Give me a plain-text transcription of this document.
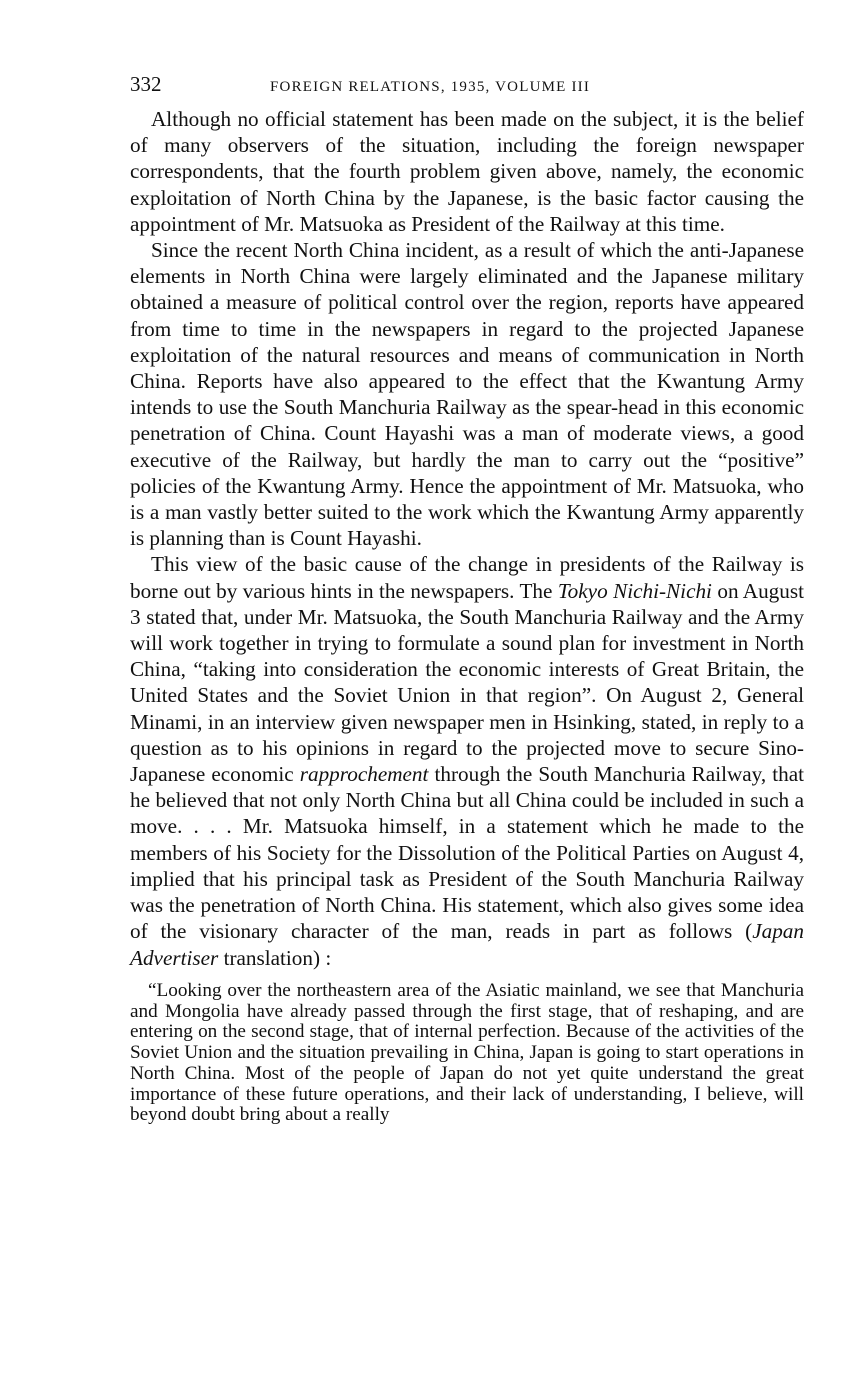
332	FOREIGN RELATIONS, 1935, VOLUME III

Although no official statement has been made on the subject, it is the belief of many observers of the situation, including the foreign newspaper correspondents, that the fourth problem given above, namely, the economic exploitation of North China by the Japanese, is the basic factor causing the appointment of Mr. Matsuoka as President of the Railway at this time.

Since the recent North China incident, as a result of which the anti-Japanese elements in North China were largely eliminated and the Japanese military obtained a measure of political control over the region, reports have appeared from time to time in the newspapers in regard to the projected Japanese exploitation of the natural resources and means of communication in North China. Reports have also appeared to the effect that the Kwantung Army intends to use the South Manchuria Railway as the spear-head in this economic penetration of China. Count Hayashi was a man of moderate views, a good executive of the Railway, but hardly the man to carry out the “positive” policies of the Kwantung Army. Hence the appointment of Mr. Matsuoka, who is a man vastly better suited to the work which the Kwantung Army apparently is planning than is Count Hayashi.

This view of the basic cause of the change in presidents of the Railway is borne out by various hints in the newspapers. The Tokyo Nichi-Nichi on August 3 stated that, under Mr. Matsuoka, the South Manchuria Railway and the Army will work together in trying to formulate a sound plan for investment in North China, “taking into consideration the economic interests of Great Britain, the United States and the Soviet Union in that region”. On August 2, General Minami, in an interview given newspaper men in Hsinking, stated, in reply to a question as to his opinions in regard to the projected move to secure Sino-Japanese economic rapprochement through the South Manchuria Railway, that he believed that not only North China but all China could be included in such a move. . . . Mr. Matsuoka himself, in a statement which he made to the members of his Society for the Dissolution of the Political Parties on August 4, implied that his principal task as President of the South Manchuria Railway was the penetration of North China. His statement, which also gives some idea of the visionary character of the man, reads in part as follows (Japan Advertiser translation) :

“Looking over the northeastern area of the Asiatic mainland, we see that Manchuria and Mongolia have already passed through the first stage, that of reshaping, and are entering on the second stage, that of internal perfection. Because of the activities of the Soviet Union and the situation prevailing in China, Japan is going to start operations in North China. Most of the people of Japan do not yet quite understand the great importance of these future operations, and their lack of understanding, I believe, will beyond doubt bring about a really
